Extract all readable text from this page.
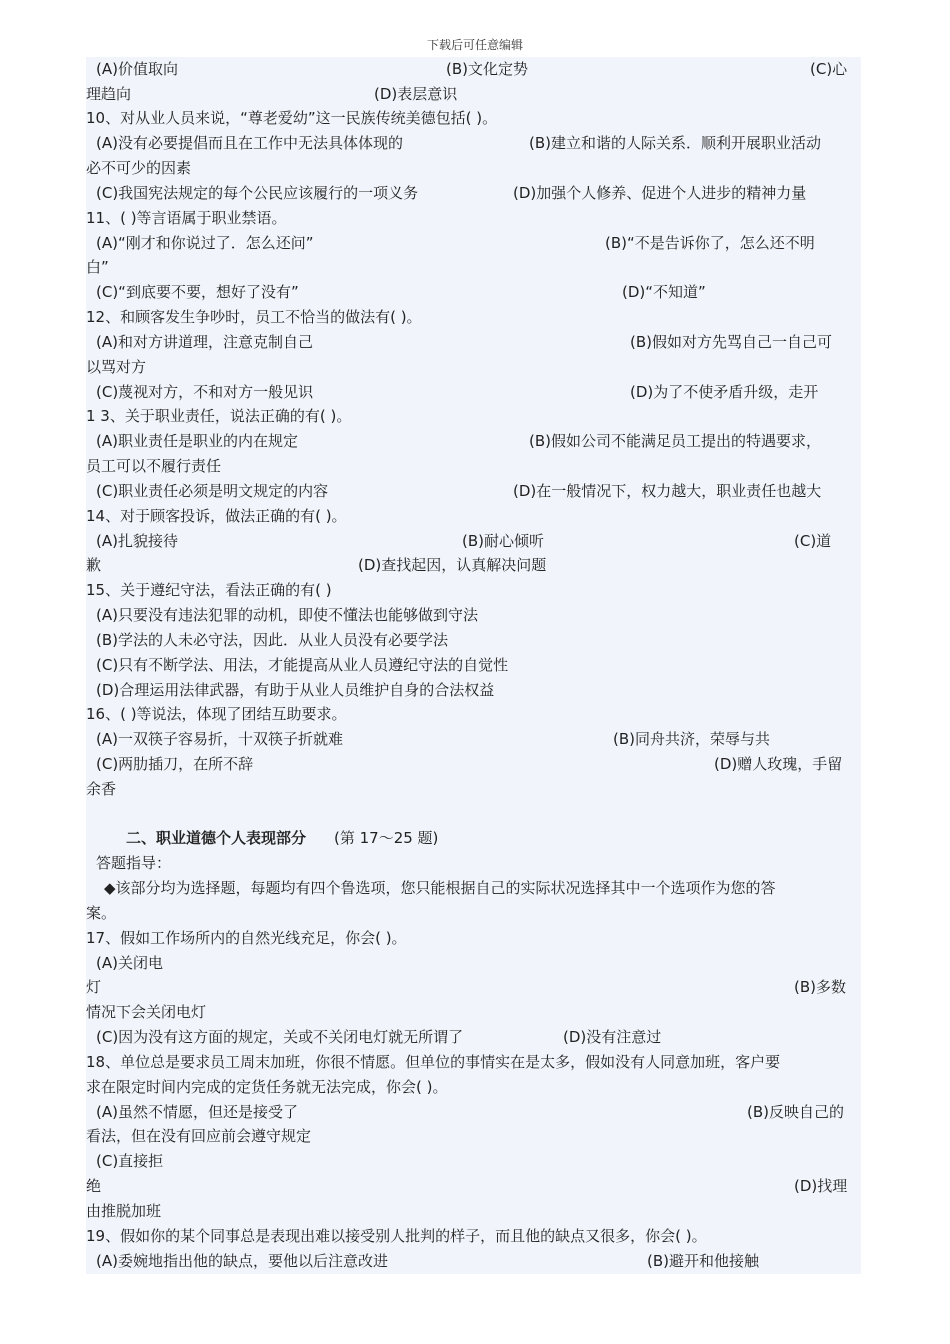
下载后可任意编辑
(A)价值取向	(B)文化定势	(C)心
理趋向	(D)表层意识
10、对从业人员来说，“尊老爱幼”这一民族传统美德包括( )。
(A)没有必要提倡而且在工作中无法具体体现的	(B)建立和谐的人际关系．顺利开展职业活动
必不可少的因素
(C)我国宪法规定的每个公民应该履行的一项义务	(D)加强个人修养、促进个人进步的精神力量
11、( )等言语属于职业禁语。
(A)“刚才和你说过了．怎么还问”	(B)“不是告诉你了，怎么还不明
白”
(C)“到底要不要，想好了没有”	(D)“不知道”
12、和顾客发生争吵时，员工不恰当的做法有( )。
(A)和对方讲道理，注意克制自己	(B)假如对方先骂自己一自己可
以骂对方
(C)蔑视对方，不和对方一般见识	(D)为了不使矛盾升级，走开
1 3、关于职业责任，说法正确的有( )。
(A)职业责任是职业的内在规定	(B)假如公司不能满足员工提出的特遇要求，
员工可以不履行责任
(C)职业责任必须是明文规定的内容	(D)在一般情况下，权力越大，职业责任也越大
14、对于顾客投诉，做法正确的有( )。
(A)扎貌接待	(B)耐心倾听	(C)道
歉	(D)查找起因，认真解决问题
15、关于遵纪守法，看法正确的有( )
(A)只要没有违法犯罪的动机，即使不懂法也能够做到守法
(B)学法的人未必守法，因此．从业人员没有必要学法
(C)只有不断学法、用法，才能提高从业人员遵纪守法的自觉性
(D)合理运用法律武器，有助于从业人员维护自身的合法权益
16、( )等说法，体现了团结互助要求。
(A)一双筷子容易折，十双筷子折就难	(B)同舟共济，荣辱与共
(C)两肋插刀，在所不辞	(D)赠人玫瑰，手留
余香
二、职业道德个人表现部分 (第 17～25 题)
答题指导：
◆该部分均为选择题，每题均有四个鲁选项，您只能根据自己的实际状况选择其中一个选项作为您的答
案。
17、假如工作场所内的自然光线充足，你会( )。
(A)关闭电
灯	(B)多数
情况下会关闭电灯
(C)因为没有这方面的规定，关或不关闭电灯就无所谓了	(D)没有注意过
18、单位总是要求员工周末加班，你很不情愿。但单位的事情实在是太多，假如没有人同意加班，客户要
求在限定时间内完成的定货任务就无法完成，你会( )。
(A)虽然不情愿，但还是接受了	(B)反映自己的
看法，但在没有回应前会遵守规定
(C)直接拒
绝	(D)找理
由推脱加班
19、假如你的某个同事总是表现出难以接受别人批判的样子，而且他的缺点又很多，你会( )。
(A)委婉地指出他的缺点，要他以后注意改进	(B)避开和他接触
